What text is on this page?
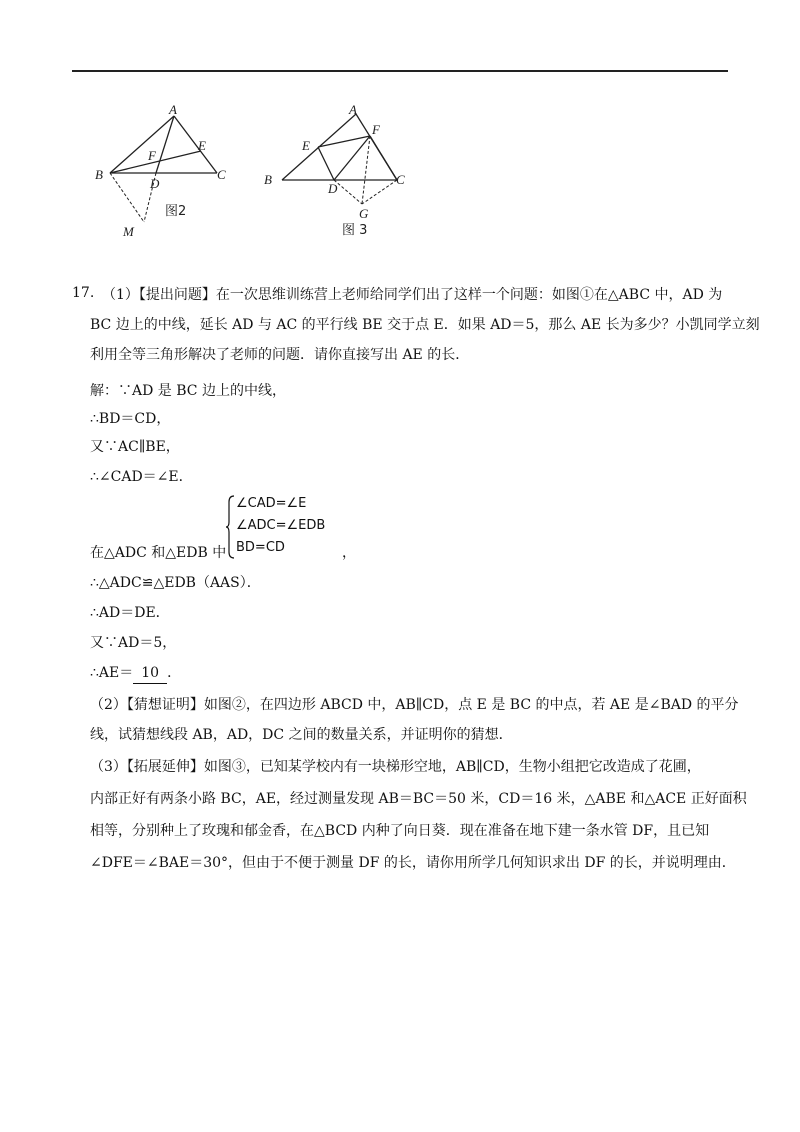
A
B	C
D
E
F
M
图2
A
B	C
D
E
F
G
图 3
17. （1）【提出问题】在一次思维训练营上老师给同学们出了这样一个问题：如图①在△ABC 中，AD 为
BC 边上的中线，延长 AD 与 AC 的平行线 BE 交于点 E．如果 AD＝5，那么 AE 长为多少？小凯同学立刻
利用全等三角形解决了老师的问题．请你直接写出 AE 的长．
解：∵AD 是 BC 边上的中线，
∴BD＝CD，
又∵AC∥BE，
∴∠CAD＝∠E．
在△ADC 和△EDB 中
∠CAD=∠E
∠ADC=∠EDB
BD=CD	，
∴△ADC≌△EDB（AAS）．
∴AD＝DE．
又∵AD＝5，
∴AE＝ 10 ．
（2）【猜想证明】如图②，在四边形 ABCD 中，AB∥CD，点 E 是 BC 的中点，若 AE 是∠BAD 的平分
线，试猜想线段 AB，AD，DC 之间的数量关系，并证明你的猜想．
（3）【拓展延伸】如图③，已知某学校内有一块梯形空地，AB∥CD，生物小组把它改造成了花圃，
内部正好有两条小路 BC，AE，经过测量发现 AB＝BC＝50 米，CD＝16 米，△ABE 和△ACE 正好面积
相等，分别种上了玫瑰和郁金香，在△BCD 内种了向日葵．现在准备在地下建一条水管 DF，且已知
∠DFE＝∠BAE＝30°，但由于不便于测量 DF 的长，请你用所学几何知识求出 DF 的长，并说明理由．
